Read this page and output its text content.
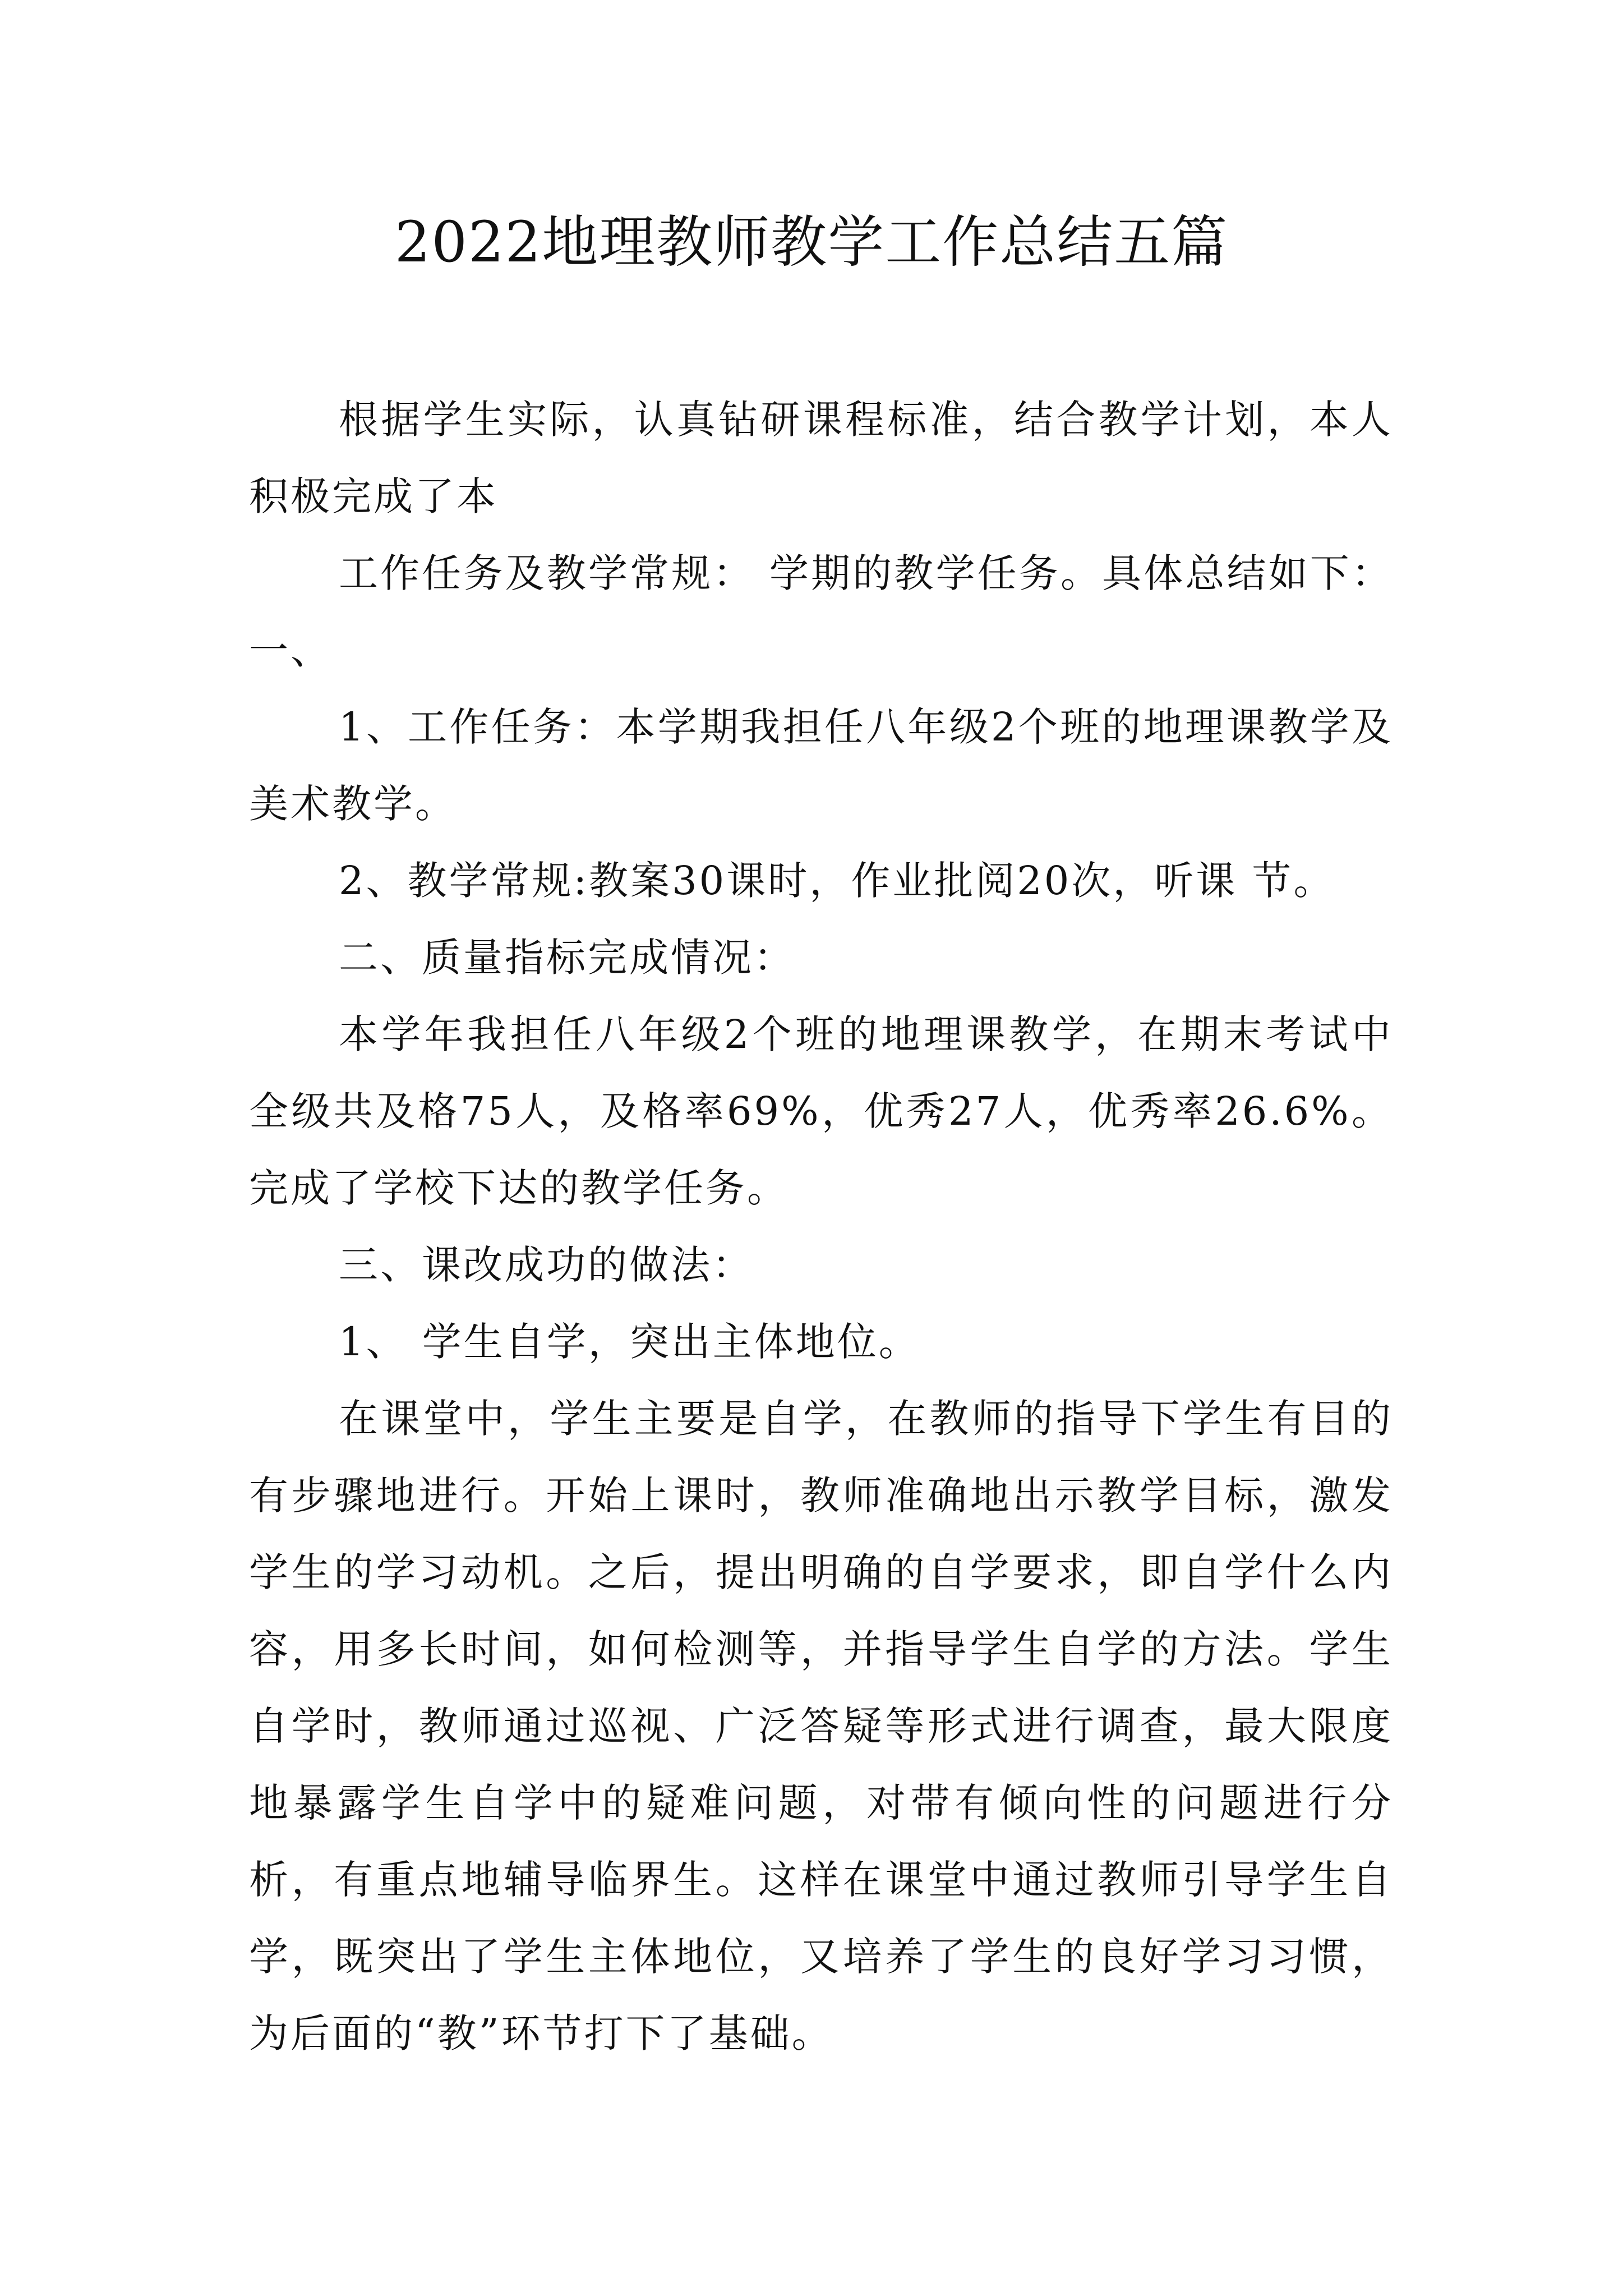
2022地理教师教学工作总结五篇

根据学生实际，认真钻研课程标准，结合教学计划，本人积极完成了本

工作任务及教学常规： 学期的教学任务。具体总结如下： 一、

1、工作任务：本学期我担任八年级2个班的地理课教学及美术教学。

2、教学常规:教案30课时，作业批阅20次，听课 节。

二、质量指标完成情况：

本学年我担任八年级2个班的地理课教学，在期末考试中全级共及格75人，及格率69%，优秀27人，优秀率26.6%。完成了学校下达的教学任务。

三、课改成功的做法：

1、 学生自学，突出主体地位。

在课堂中，学生主要是自学，在教师的指导下学生有目的有步骤地进行。开始上课时，教师准确地出示教学目标，激发学生的学习动机。之后，提出明确的自学要求，即自学什么内容，用多长时间，如何检测等，并指导学生自学的方法。学生自学时，教师通过巡视、广泛答疑等形式进行调查，最大限度地暴露学生自学中的疑难问题，对带有倾向性的问题进行分析，有重点地辅导临界生。这样在课堂中通过教师引导学生自学，既突出了学生主体地位，又培养了学生的良好学习习惯，为后面的“教”环节打下了基础。
